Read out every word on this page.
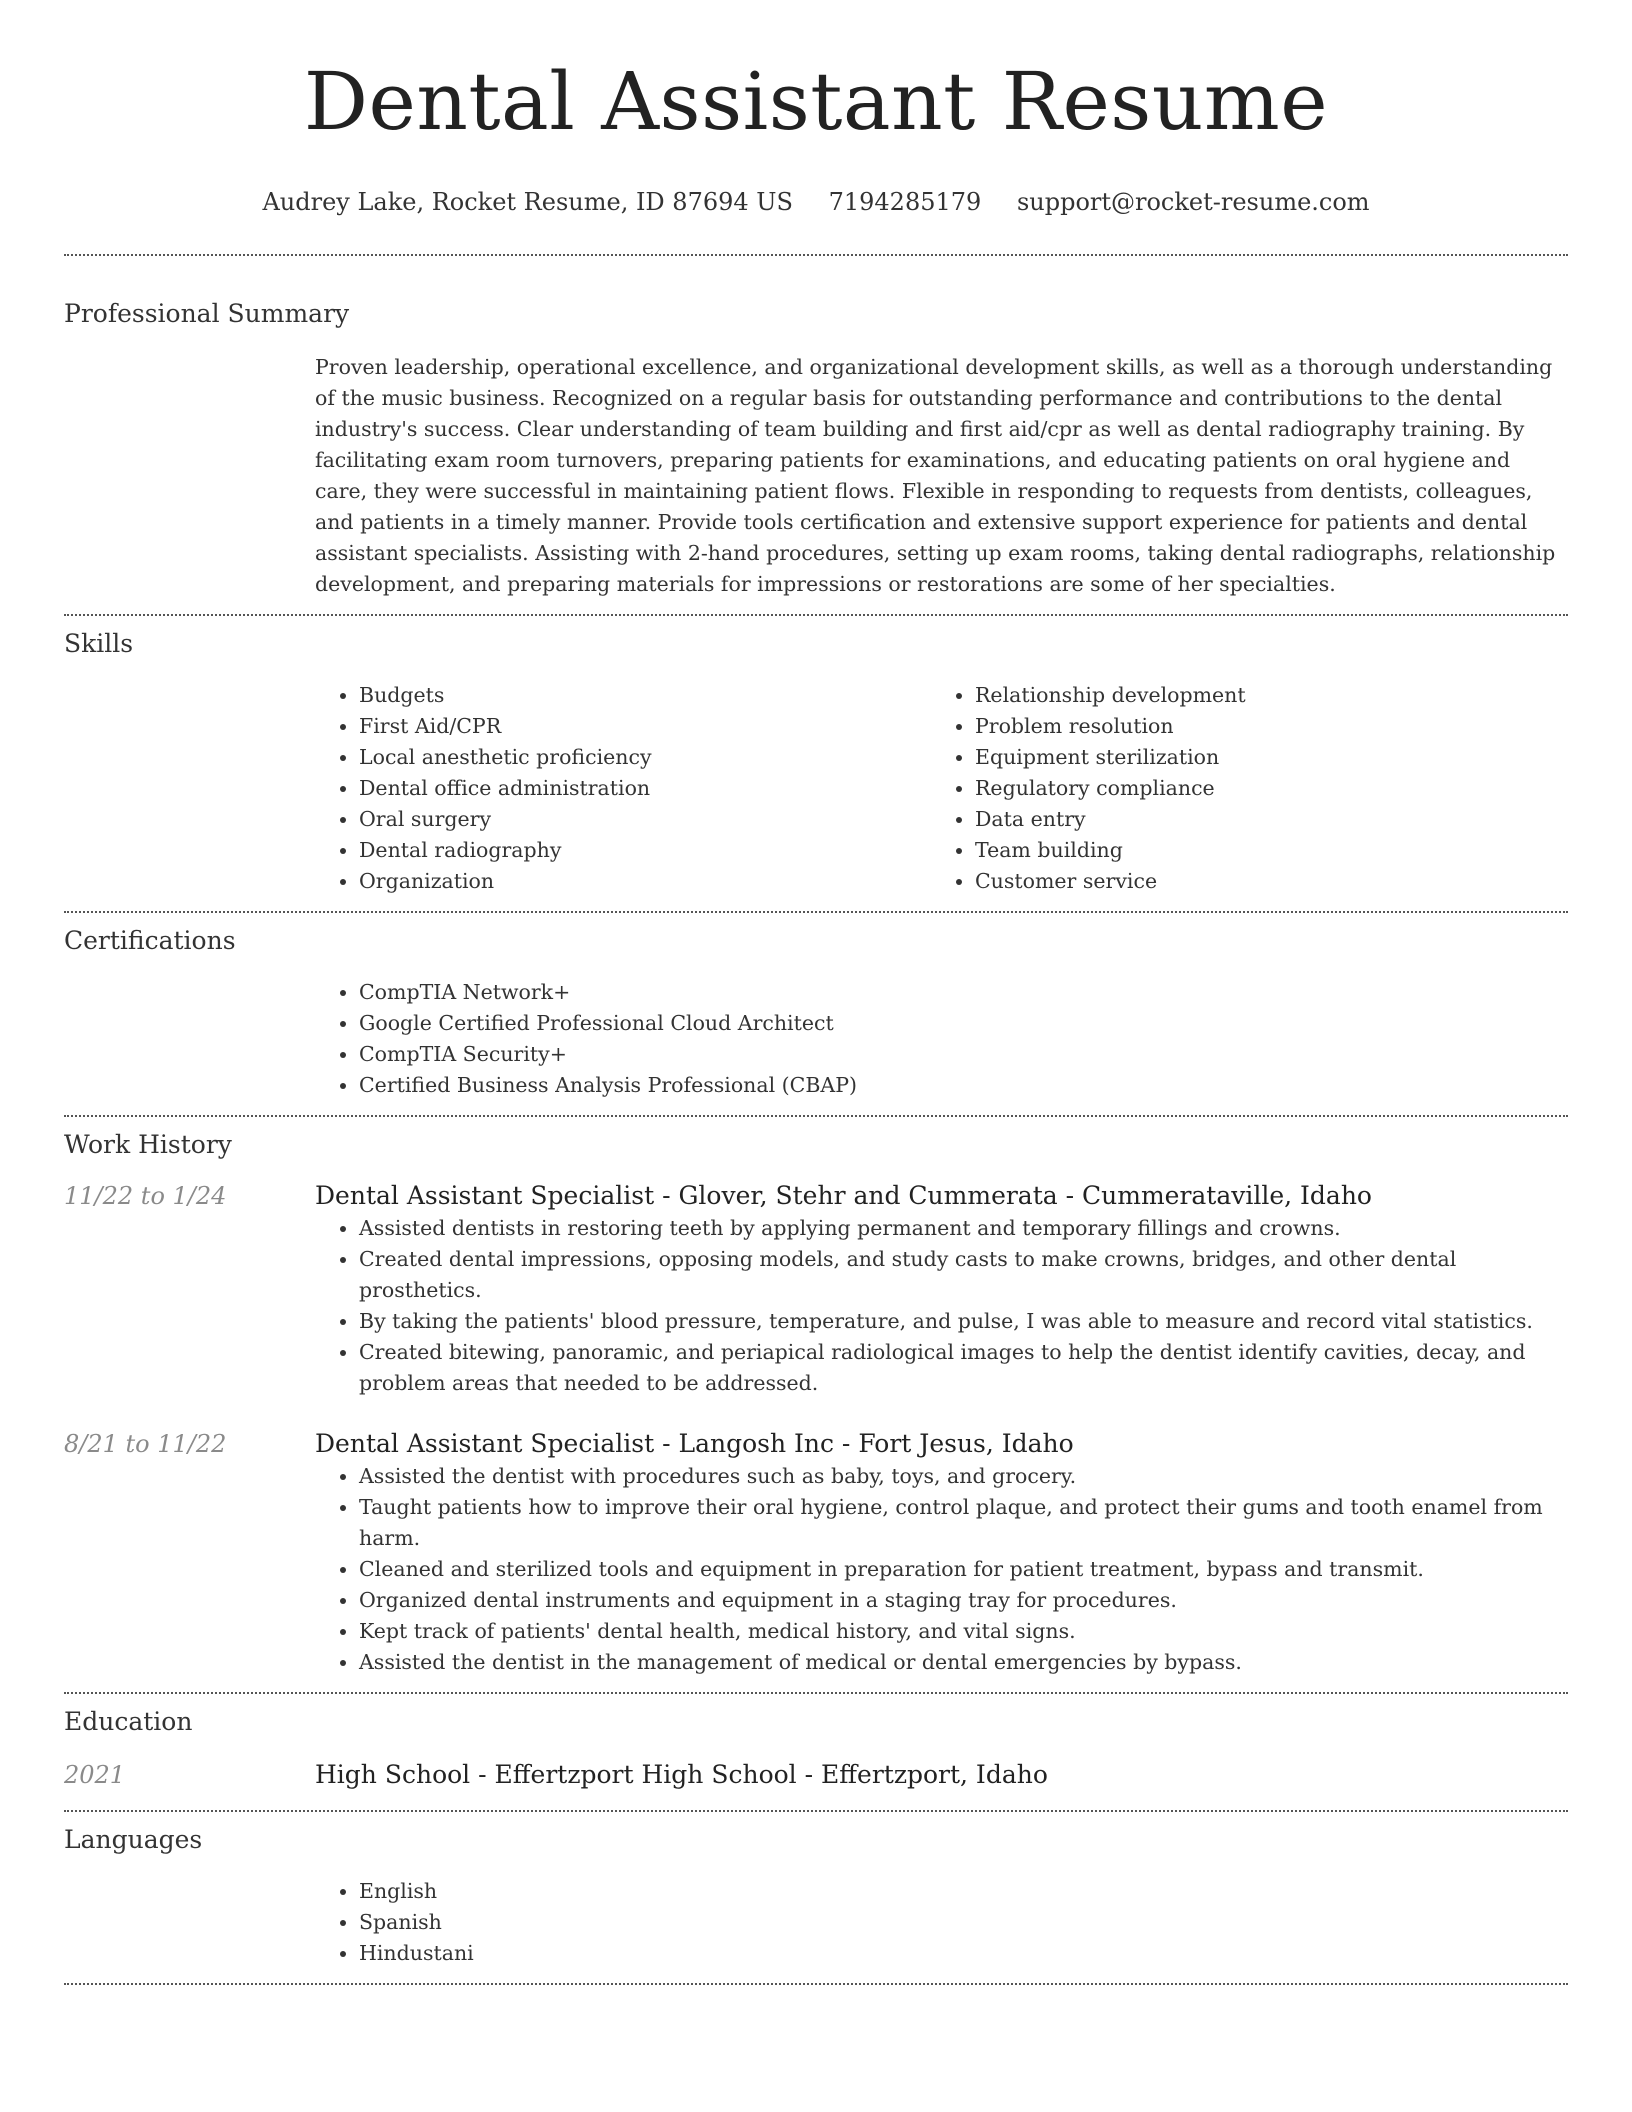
Dental Assistant Resume
Audrey Lake, Rocket Resume, ID 87694 US 7194285179 support@rocket-resume.com
Professional Summary
Proven leadership, operational excellence, and organizational development skills, as well as a thorough understanding of the music business. Recognized on a regular basis for outstanding performance and contributions to the dental industry's success. Clear understanding of team building and first aid/cpr as well as dental radiography training. By facilitating exam room turnovers, preparing patients for examinations, and educating patients on oral hygiene and care, they were successful in maintaining patient flows. Flexible in responding to requests from dentists, colleagues, and patients in a timely manner. Provide tools certification and extensive support experience for patients and dental assistant specialists. Assisting with 2-hand procedures, setting up exam rooms, taking dental radiographs, relationship development, and preparing materials for impressions or restorations are some of her specialties.
Skills
• Budgets
• First Aid/CPR
• Local anesthetic proficiency
• Dental office administration
• Oral surgery
• Dental radiography
• Organization
• Relationship development
• Problem resolution
• Equipment sterilization
• Regulatory compliance
• Data entry
• Team building
• Customer service
Certifications
• CompTIA Network+
• Google Certified Professional Cloud Architect
• CompTIA Security+
• Certified Business Analysis Professional (CBAP)
Work History
11/22 to 1/24	Dental Assistant Specialist - Glover, Stehr and Cummerata - Cummerataville, Idaho
• Assisted dentists in restoring teeth by applying permanent and temporary fillings and crowns.
• Created dental impressions, opposing models, and study casts to make crowns, bridges, and other dental prosthetics.
• By taking the patients' blood pressure, temperature, and pulse, I was able to measure and record vital statistics.
• Created bitewing, panoramic, and periapical radiological images to help the dentist identify cavities, decay, and problem areas that needed to be addressed.
8/21 to 11/22	Dental Assistant Specialist - Langosh Inc - Fort Jesus, Idaho
• Assisted the dentist with procedures such as baby, toys, and grocery.
• Taught patients how to improve their oral hygiene, control plaque, and protect their gums and tooth enamel from harm.
• Cleaned and sterilized tools and equipment in preparation for patient treatment, bypass and transmit.
• Organized dental instruments and equipment in a staging tray for procedures.
• Kept track of patients' dental health, medical history, and vital signs.
• Assisted the dentist in the management of medical or dental emergencies by bypass.
Education
2021	High School - Effertzport High School - Effertzport, Idaho
Languages
• English
• Spanish
• Hindustani
